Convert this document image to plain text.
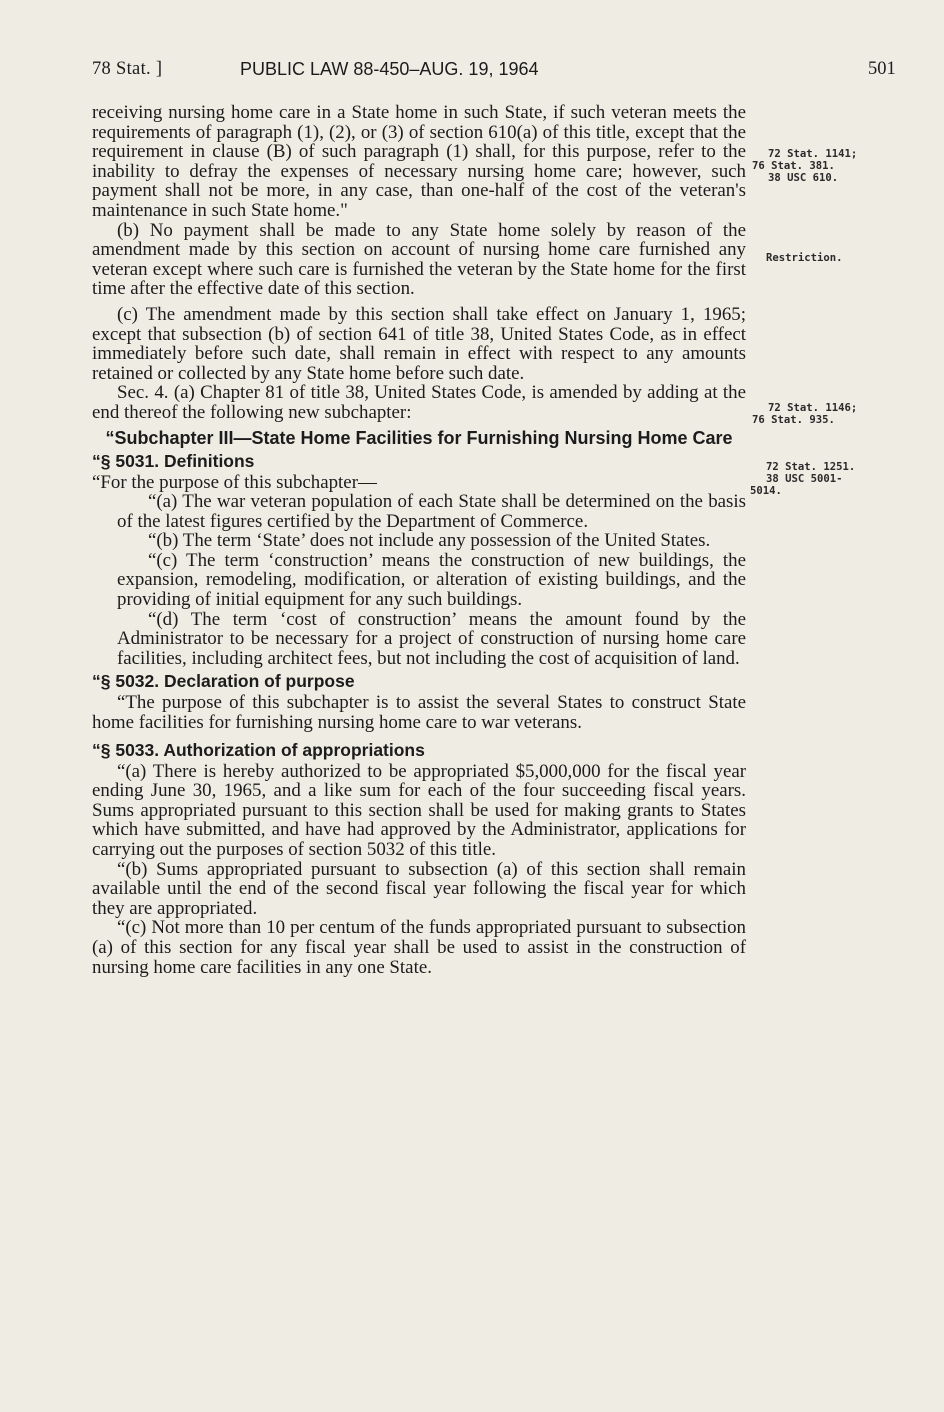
78 Stat. ]	PUBLIC LAW 88-450–AUG. 19, 1964	501

receiving nursing home care in a State home in such State, if such veteran meets the requirements of paragraph (1), (2), or (3) of section 610(a) of this title, except that the requirement in clause (B) of such paragraph (1) shall, for this purpose, refer to the inability to defray the expenses of necessary nursing home care; however, such payment shall not be more, in any case, than one-half of the cost of the veteran's maintenance in such State home."

(b) No payment shall be made to any State home solely by reason of the amendment made by this section on account of nursing home care furnished any veteran except where such care is furnished the veteran by the State home for the first time after the effective date of this section.

(c) The amendment made by this section shall take effect on January 1, 1965; except that subsection (b) of section 641 of title 38, United States Code, as in effect immediately before such date, shall remain in effect with respect to any amounts retained or collected by any State home before such date.

Sec. 4. (a) Chapter 81 of title 38, United States Code, is amended by adding at the end thereof the following new subchapter:

“Subchapter III—State Home Facilities for Furnishing Nursing Home Care

“§ 5031. Definitions

“For the purpose of this subchapter—

“(a) The war veteran population of each State shall be determined on the basis of the latest figures certified by the Department of Commerce.

“(b) The term ‘State’ does not include any possession of the United States.

“(c) The term ‘construction’ means the construction of new buildings, the expansion, remodeling, modification, or alteration of existing buildings, and the providing of initial equipment for any such buildings.

“(d) The term ‘cost of construction’ means the amount found by the Administrator to be necessary for a project of construction of nursing home care facilities, including architect fees, but not including the cost of acquisition of land.

“§ 5032. Declaration of purpose

“The purpose of this subchapter is to assist the several States to construct State home facilities for furnishing nursing home care to war veterans.

“§ 5033. Authorization of appropriations

“(a) There is hereby authorized to be appropriated $5,000,000 for the fiscal year ending June 30, 1965, and a like sum for each of the four succeeding fiscal years. Sums appropriated pursuant to this section shall be used for making grants to States which have submitted, and have had approved by the Administrator, applications for carrying out the purposes of section 5032 of this title.

“(b) Sums appropriated pursuant to subsection (a) of this section shall remain available until the end of the second fiscal year following the fiscal year for which they are appropriated.

“(c) Not more than 10 per centum of the funds appropriated pursuant to subsection (a) of this section for any fiscal year shall be used to assist in the construction of nursing home care facilities in any one State.

72 Stat. 1141;
76 Stat. 381.
38 USC 610.
Restriction.
72 Stat. 1146;
76 Stat. 935.
72 Stat. 1251.
38 USC 5001-
5014.
